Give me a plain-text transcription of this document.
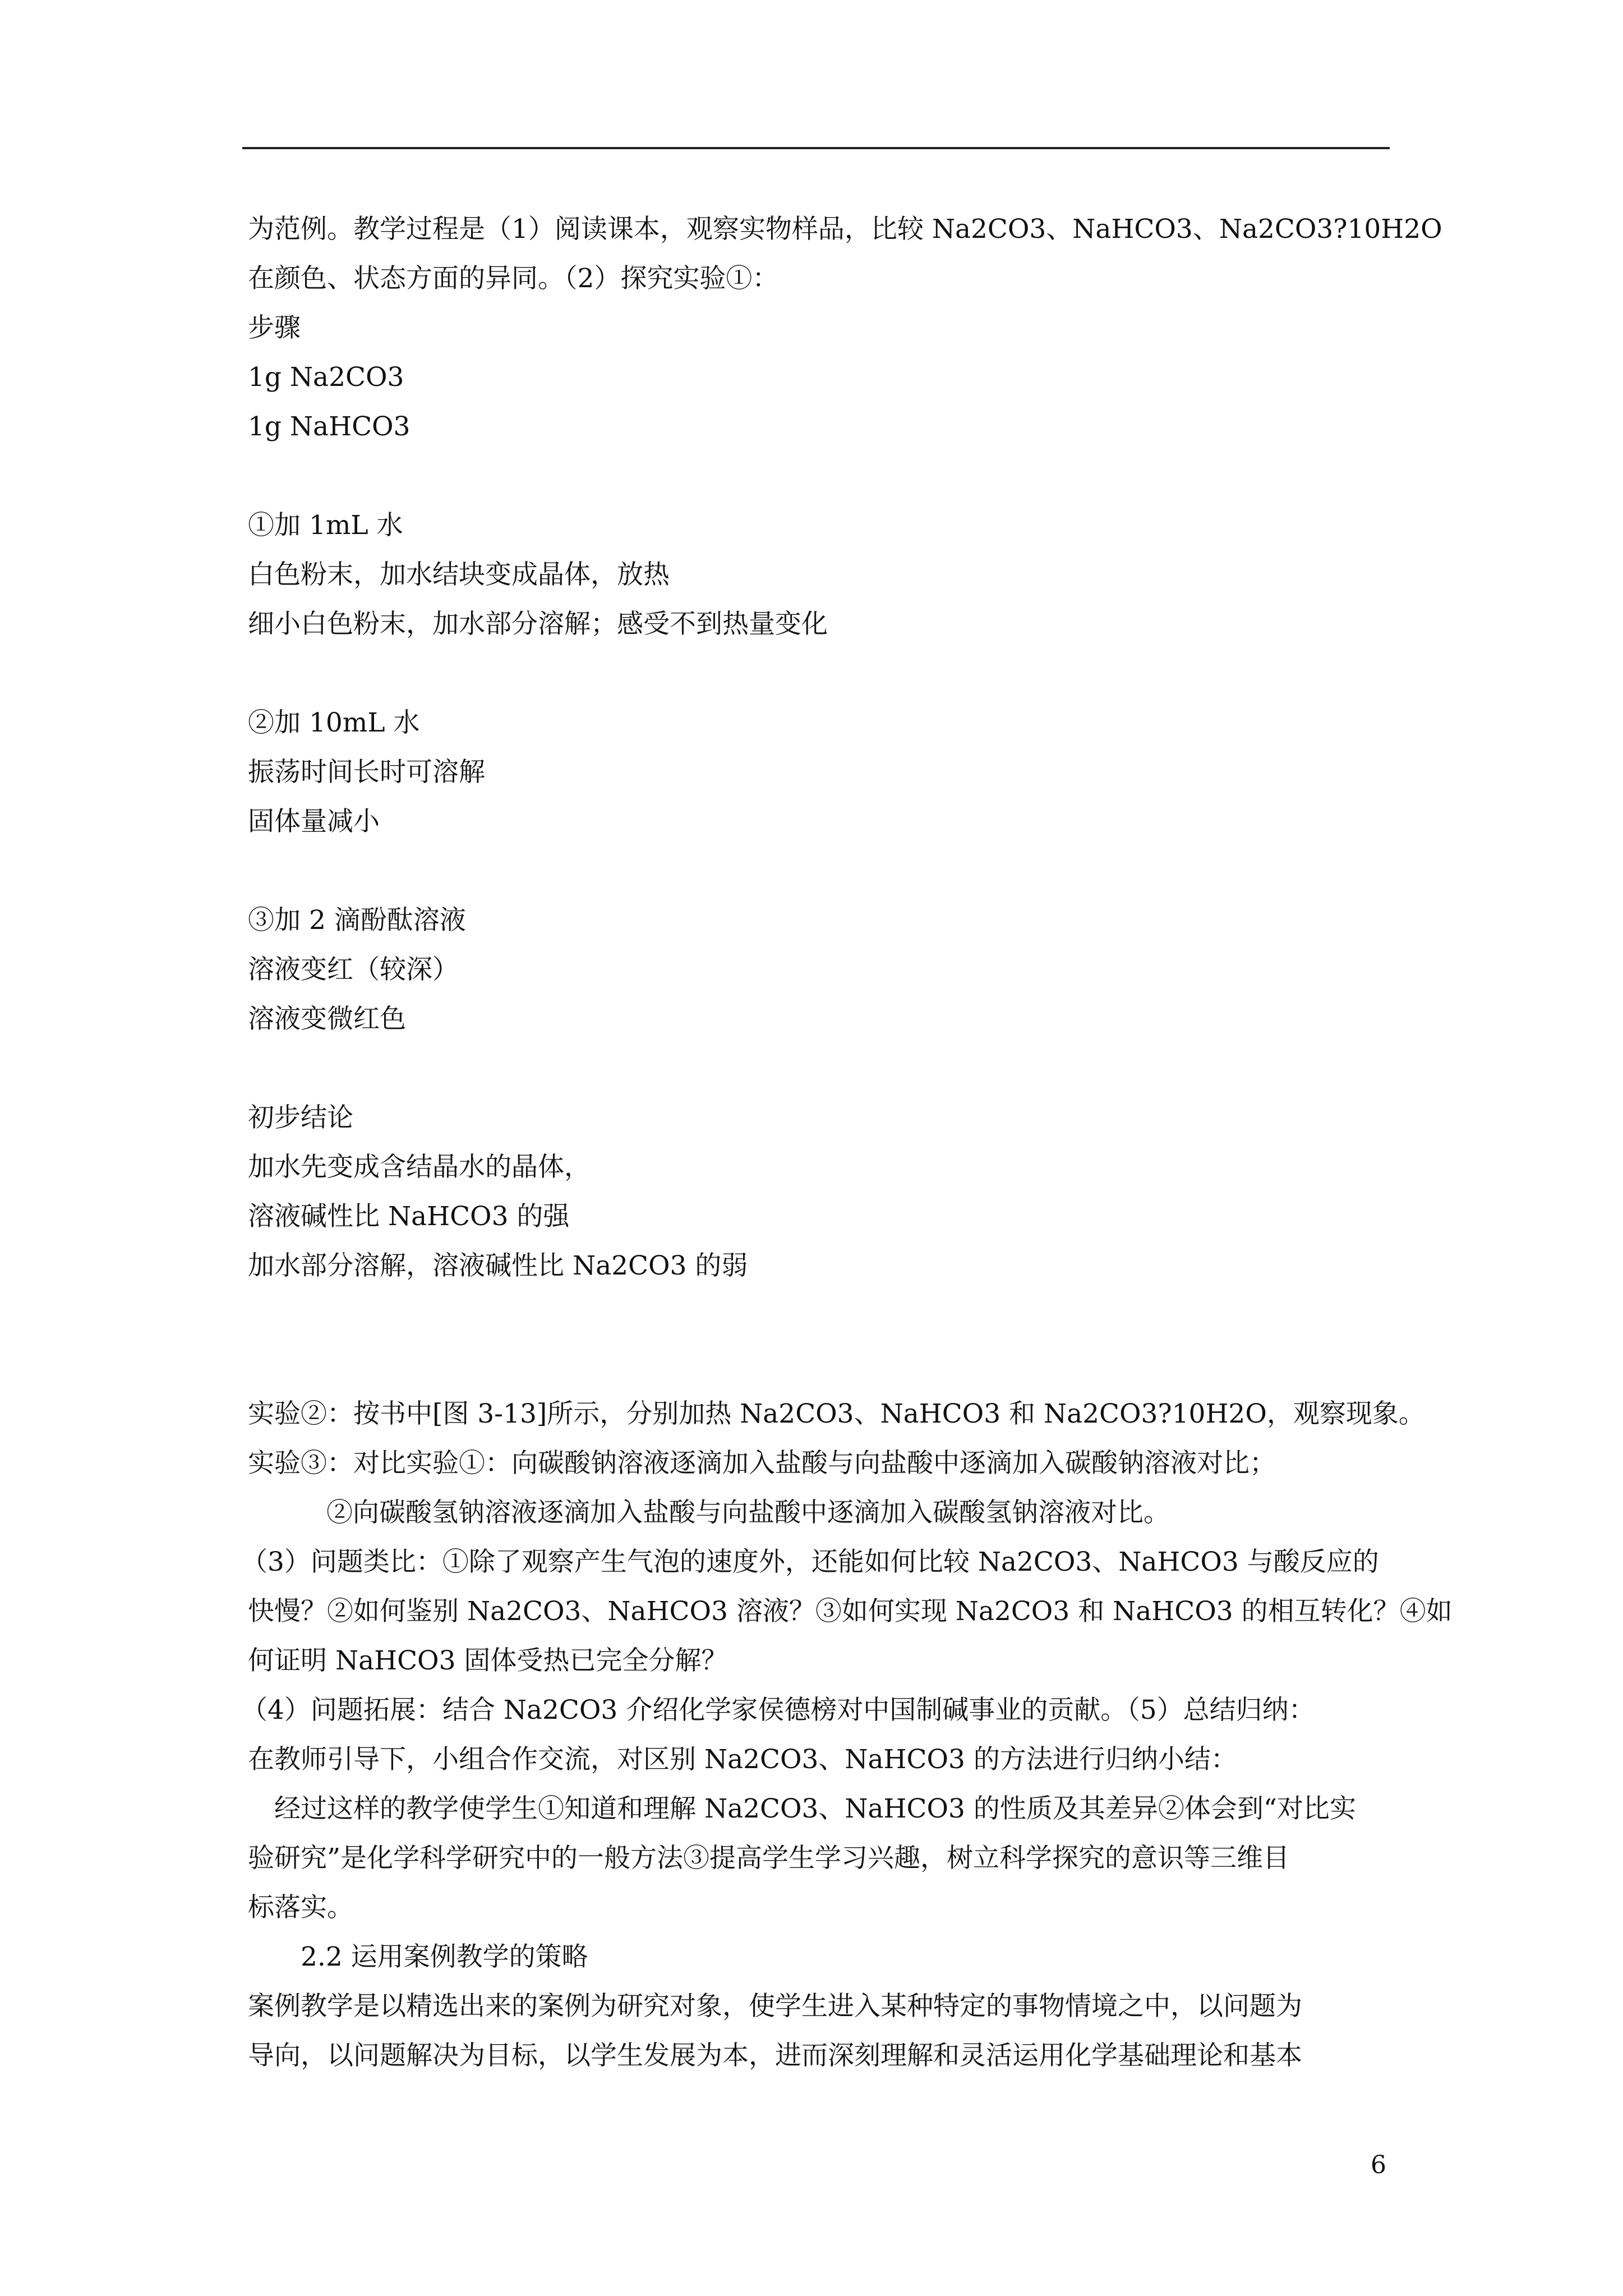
为范例。教学过程是（1）阅读课本，观察实物样品，比较 Na2CO3、NaHCO3、Na2CO3?10H2O
在颜色、状态方面的异同。（2）探究实验①：
步骤
1g Na2CO3
1g NaHCO3
①加 1mL 水
白色粉末，加水结块变成晶体，放热
细小白色粉末，加水部分溶解；感受不到热量变化
②加 10mL 水
振荡时间长时可溶解
固体量减小
③加 2 滴酚酞溶液
溶液变红（较深）
溶液变微红色
初步结论
加水先变成含结晶水的晶体，
溶液碱性比 NaHCO3 的强
加水部分溶解，溶液碱性比 Na2CO3 的弱
实验②：按书中[图 3-13]所示，分别加热 Na2CO3、NaHCO3 和 Na2CO3?10H2O，观察现象。
实验③：对比实验①：向碳酸钠溶液逐滴加入盐酸与向盐酸中逐滴加入碳酸钠溶液对比；
②向碳酸氢钠溶液逐滴加入盐酸与向盐酸中逐滴加入碳酸氢钠溶液对比。
（3）问题类比：①除了观察产生气泡的速度外，还能如何比较 Na2CO3、NaHCO3 与酸反应的
快慢？②如何鉴别 Na2CO3、NaHCO3 溶液？③如何实现 Na2CO3 和 NaHCO3 的相互转化？④如
何证明 NaHCO3 固体受热已完全分解？
（4）问题拓展：结合 Na2CO3 介绍化学家侯德榜对中国制碱事业的贡献。（5）总结归纳：
在教师引导下，小组合作交流，对区别 Na2CO3、NaHCO3 的方法进行归纳小结：
经过这样的教学使学生①知道和理解 Na2CO3、NaHCO3 的性质及其差异②体会到“对比实
验研究”是化学科学研究中的一般方法③提高学生学习兴趣，树立科学探究的意识等三维目
标落实。
2.2 运用案例教学的策略
案例教学是以精选出来的案例为研究对象，使学生进入某种特定的事物情境之中，以问题为
导向，以问题解决为目标，以学生发展为本，进而深刻理解和灵活运用化学基础理论和基本
6
